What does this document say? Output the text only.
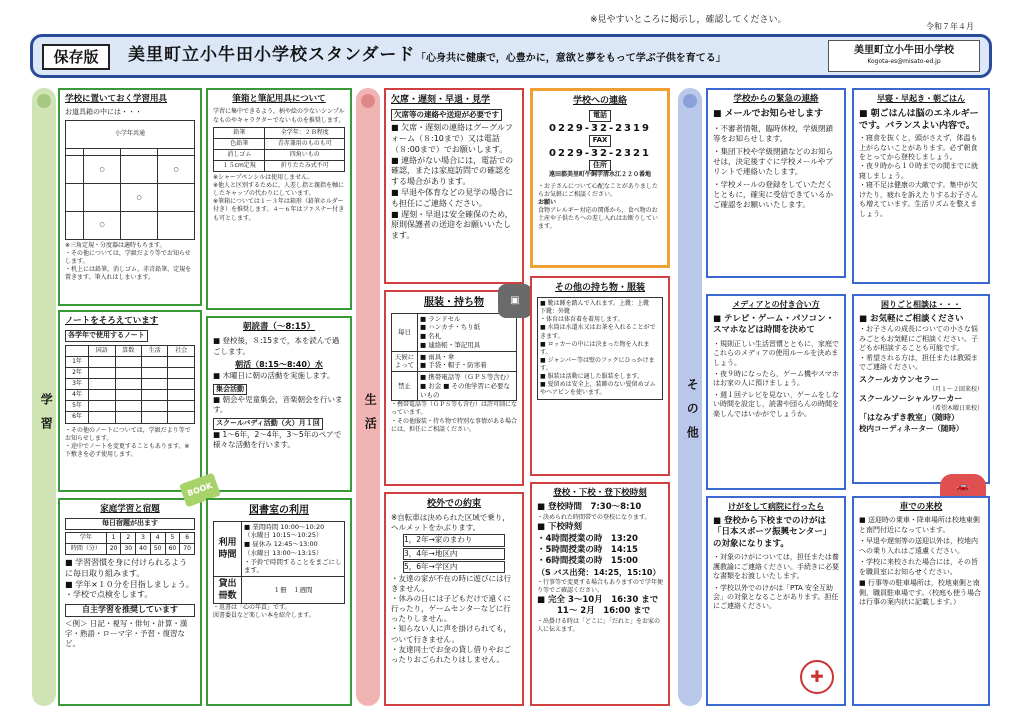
※見やすいところに掲示し，確認してください。
令和７年４月
保存版	美里町立小牛田小学校スタンダード 「心身共に健康で，心豊かに，意欲と夢をもって学ぶ子供を育てる」
美里町立小牛田小学校
Kogota-es@misato-ed.jp
学　習	生　活	そ　の　他
学校に置いておく学習用具
お道具箱の中には・・・
小学年共通			

	○		○
		○	
	○		
※三角定規・分度器は適時もちます。
・その他については，学級だより等でお知らせします。
・机上には鉛筆，消しゴム，赤青鉛筆，定規を置きます。筆入れはしまいます。
ノートをそろえています
各学年で使用するノート
	国語	算数	生活	社会
1年				
2年				
3年				
4年				
5年				
6年				
・その他のノートについては，学級だより等でお知らせします。
・途中でノートを変更することもあります。※下敷きを必ず使用します。
家庭学習と宿題
毎日宿題が出ます
学年	1	2	3	4	5	6
時間（分）	20	30	40	50	60	70
■ 学習習慣を身に付けられるように毎日取り組みます。
■ 学年×１０分を目指しましょう。
・学校で点検をします。
自主学習を推奨しています
＜例＞ 日記・視写・俳句・計算・漢字・熟語・ローマ字・予習・復習など。
筆箱と筆記用具について
学習に集中できるよう，柄や絵の少ないシンプルなものやキャラクターでないものを推奨します。
鉛筆	全学年：２Ｂ程度
色鉛筆	青赤兼用のものも可
消しゴム	四角いもの
１５cm定規	折りたたみ式不可
※シャープペンシルは使用しません。
※他人と区別するために，人差し指と親指を軸にしたキャップの代わりにしています。
※筆箱については１～３年は箱形（鉛筆ホルダー付き）を推奨します。４～６年はファスナー付きも可とします。
朝読書（～8:15）
■ 登校後，８:15まで，本を読んで過ごします。
朝活（8:15～8:40）水
■ 木曜日に朝の活動を実施します。
集会活動
■ 朝会や児童集会，音楽朝会を行います。
スクールバディ活動（火）月１回
■ 1～6年，2～4年，3～5年のペアで様々な活動を行います。
BOOK
図書室の利用
利用時間	■ 業間時間 10:00～10:20
（水曜日 10:15～10:25）
■ 昼休み 12:45～13:00
（水曜日 13:00～13:15）
・予鈴で時間することをまごにします。

貸出冊数	１冊　１週間
・返書は「心の年貢」です。
図書委員など楽しい本を紹介します。
欠席・遅刻・早退・見学
欠席等の連絡や送迎が必要です
■ 欠席・遅刻の連絡はグーグルフォーム（８:10まで）又は電話（８:00まで）でお願いします。
■ 連絡がない場合には，電話での確認，または家庭訪問での確認をする場合があります。
■ 早退や体育などの見学の場合にも担任にご連絡ください。
■ 遅刻・早退は安全確保のため，原則保護者の送迎をお願いいたします。
服装・持ち物
毎日	■ ランドセル
■ ハンカチ・ちり紙
■ 名札
■ 連絡帳・筆記用具

天候によって	■ 雨具・傘
■ 手袋・帽子・防寒着

禁止	■ 携帯電話等（ＧＰＳ等含む）
■ お金 ■ その他学習に必要ないもの
・携帯電話等（ＧＰＳ等も含む）は許可制になっています。
・その他服装・持ち物で特別な事情がある場合には，担任にご相談ください。
▣
校外での約束
※自転車は決められた区域で乗り，ヘルメットをかぶります。
1，2年→家のまわり
3，4年→地区内
5，6年→学区内
・友達の家が不在の時に遊びには行きません。
・休みの日には子どもだけで遠くに行ったり，ゲームセンターなどに行ったりしません。
・知らない人に声を掛けられても，ついて行きません。
・友達同士でお金の貸し借りやおごったりおごられたりはしません。
学校への連絡
電話
0229-32-2319
FAX
0229-32-2321
住所
遠田郡美里町牛飼字清水江２２０番地
・お子さんについて心配なことがありましたらお気軽にご相談ください。
お願い
食物アレルギー対応の関係から，食べ物のお土産や子供たちへの差し入れはお断りしています。
その他の持ち物・服装
■ 靴は踵を踏んで入れます。上靴：上靴　下靴：外靴
・体育は体育着を着用します。
■ 水筒は水道水又はお茶を入れることができます。
■ ロッカーの中には決まった物を入れます。
■ ジャンパー等は壁のフックにひっかけます。
■ 服装は活動に適した服装をします。
■ 髪留めは安全上，装飾のない髪留めゴムやヘアピンを使います。
登校・下校・登下校時刻
■ 登校時間　7:30～8:10
・決められた時間帯での登校になります。
■ 下校時刻
・4時間授業の時　13:20
・5時間授業の時　14:15
・6時間授業の時　15:00
（S バス出発：14:25，15:10）
・行事等で変更する場合もありますので学年便り等でご確認ください。
■ 完全 3～10月　16:30 まで
11～ 2月　16:00 まで
・出掛ける時は「どこに」「だれと」をお家の人に伝えます。
学校からの緊急の連絡
■ メールでお知らせします
・不審者情報，臨時休校，学級閉鎖等をお知らせします。
・集団下校や学級閉鎖などのお知らせは，決定後すぐに学校メールやプリントで連絡いたします。
・学校メールの登録をしていただくとともに，確実に受信できているかご確認をお願いいたします。
メディアとの付き合い方
■ テレビ・ゲーム・パソコン・スマホなどは時間を決めて
・規則正しい生活習慣とともに，家庭でこれらのメディアの使用ルールを決めましょう。
・夜９時になったら，ゲーム機やスマホはお家の人に預けましょう。
・週１回テレビを見ない，ゲームをしない時間を設定し，読書や団らんの時間を楽しんではいかがでしょうか。
けがをして病院に行ったら
■ 登校から下校までのけがは「日本スポーツ振興センター」の対象になります。
・対象のけがについては，担任または養護教諭にご連絡ください。手続きに必要な書類をお渡しいたします。
・学校以外でのけがは「PTA 安全互助会」の対象となることがあります。担任にご連絡ください。
✚
早寝・早起き・朝ごはん
■ 朝ごはんは脳のエネルギーです。バランスよい内容で。
・寝食を抜くと，頭がさえず，体温も上がらないことがあります。必ず朝食をとってから登校しましょう。
・夜９時から１０時までの間までに就寝しましょう。
・寝不足は健康の大敵です。集中が欠けたり，疲れを訴えたりするお子さんも増えています。生活リズムを整えましょう。
困りごと相談は・・・
■ お気軽にご相談ください
・お子さんの成長についての小さな悩みごともお気軽にご相談ください。子どもが相談することも可能です。
・希望される方は，担任または教頭までご連絡ください。
スクールカウンセラー
（月１～２回来校）
スクールソーシャルワーカー
（希望木曜日来校）
「はなみずき教室」（随時）
校内コーディネーター（随時）
🚗
車での来校
■ 送迎時の乗車・降車場所は校地東側と南門付近になっています。
・早退や遅刻等の送迎以外は，校地内への乗り入れはご遠慮ください。
・学校に来校された場合には，その旨を職員室にお知らせください。
■ 行事等の駐車場所は，校地東側と南側，職員駐車場です。（校庭も使う場合は行事の案内状に記載します。）
